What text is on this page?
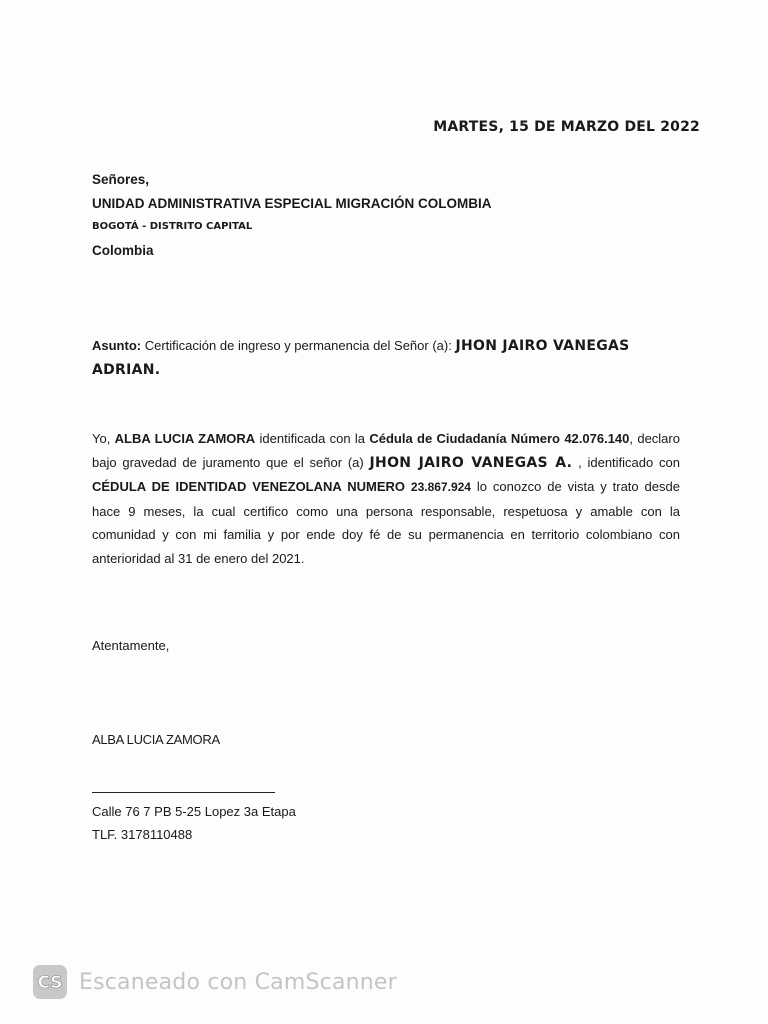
MARTES, 15 DE MARZO DEL 2022
Señores,
UNIDAD ADMINISTRATIVA ESPECIAL MIGRACIÓN COLOMBIA
BOGOTÁ - DISTRITO CAPITAL
Colombia
Asunto: Certificación de ingreso y permanencia del Señor (a): JHON JAIRO VANEGAS ADRIAN.
Yo, ALBA LUCIA ZAMORA identificada con la Cédula de Ciudadanía Número 42.076.140, declaro bajo gravedad de juramento que el señor (a) JHON JAIRO VANEGAS A. , identificado con CÉDULA DE IDENTIDAD VENEZOLANA NUMERO 23.867.924 lo conozco de vista y trato desde hace 9 meses, la cual certifico como una persona responsable, respetuosa y amable con la comunidad y con mi familia y por ende doy fé de su permanencia en territorio colombiano con anterioridad al 31 de enero del 2021.
Atentamente,
ALBA LUCIA ZAMORA
Calle 76 7 PB 5-25 Lopez 3a Etapa
TLF. 3178110488
CS Escaneado con CamScanner
